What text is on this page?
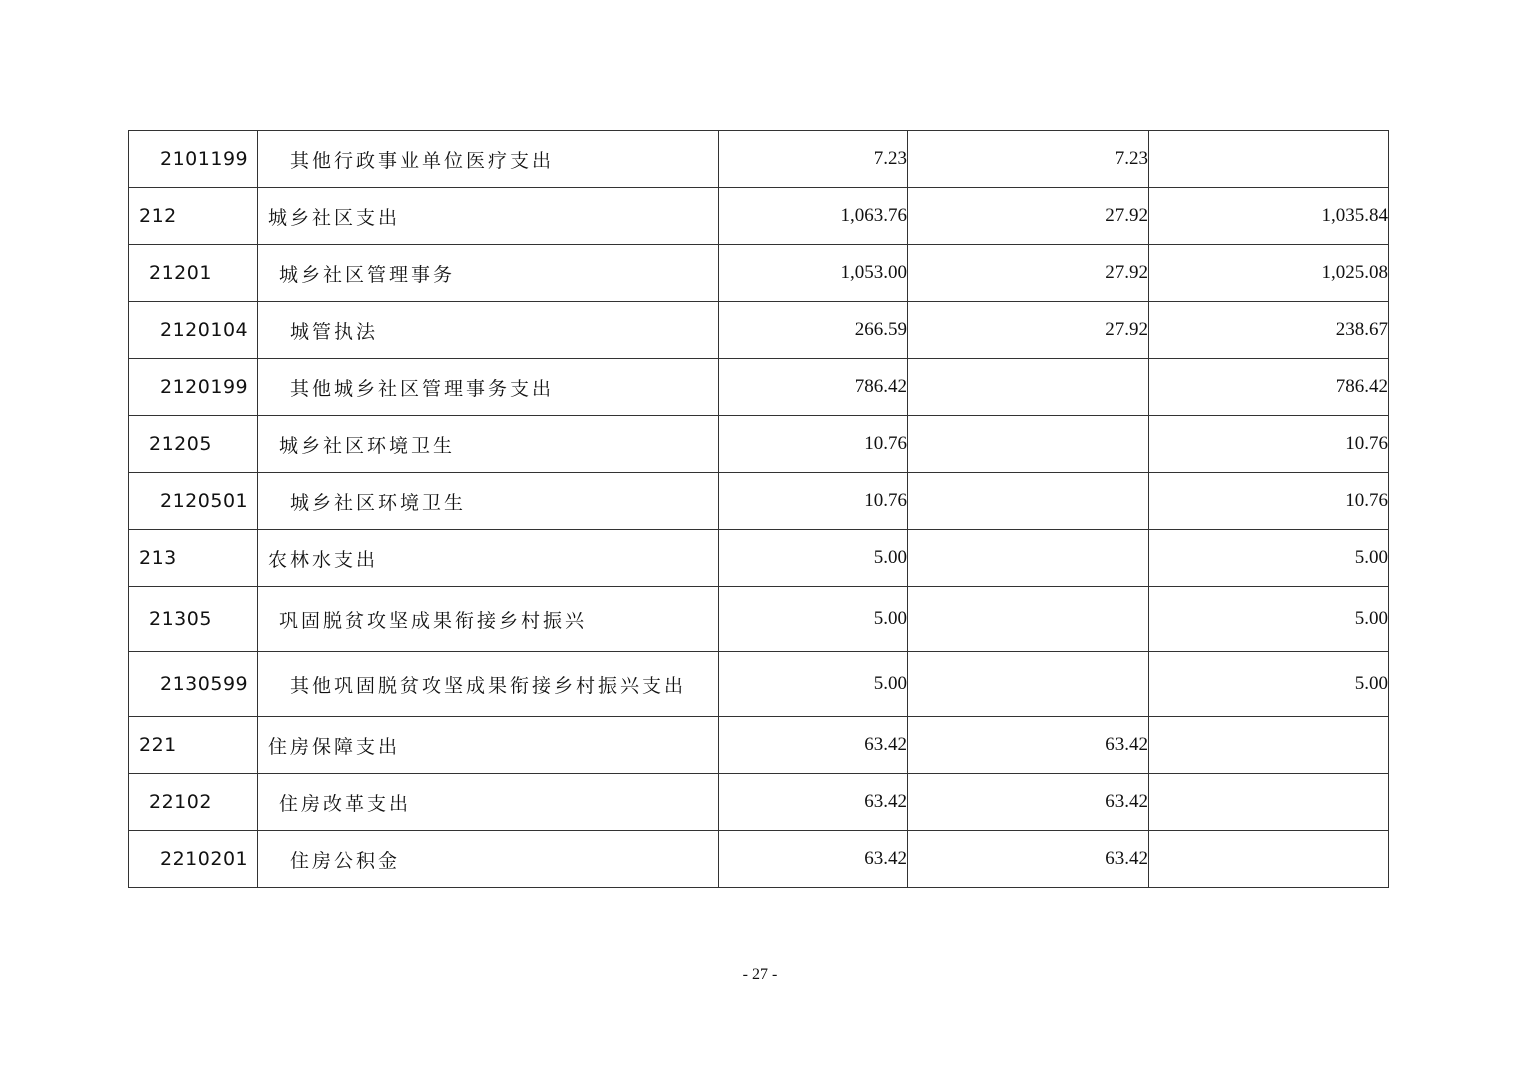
2101199	其他行政事业单位医疗支出	7.23	7.23	
212	城乡社区支出	1,063.76	27.92	1,035.84
21201	城乡社区管理事务	1,053.00	27.92	1,025.08
2120104	城管执法	266.59	27.92	238.67
2120199	其他城乡社区管理事务支出	786.42		786.42
21205	城乡社区环境卫生	10.76		10.76
2120501	城乡社区环境卫生	10.76		10.76
213	农林水支出	5.00		5.00
21305	巩固脱贫攻坚成果衔接乡村振兴	5.00		5.00
2130599	其他巩固脱贫攻坚成果衔接乡村振兴支出	5.00		5.00
221	住房保障支出	63.42	63.42	
22102	住房改革支出	63.42	63.42	
2210201	住房公积金	63.42	63.42	
- 27 -
